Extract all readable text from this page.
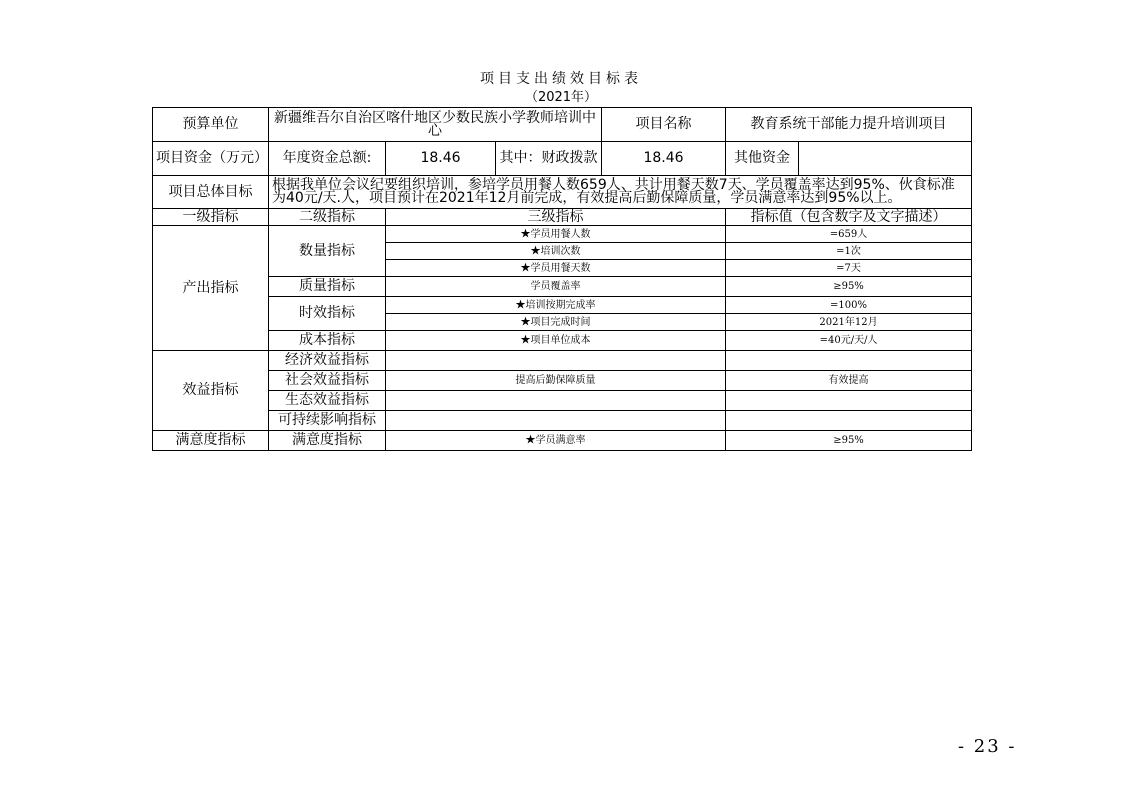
项目支出绩效目标表
（2021年）
预算单位	新疆维吾尔自治区喀什地区少数民族小学教师培训中心			项目名称	教育系统干部能力提升培训项目	
项目资金（万元）	年度资金总额:	18.46	其中：财政拨款	18.46	其他资金	
项目总体目标	根据我单位会议纪要组织培训，参培学员用餐人数659人、共计用餐天数7天、学员覆盖率达到95%、伙食标准为40元/天.人，项目预计在2021年12月前完成，有效提高后勤保障质量，学员满意率达到95%以上。					
一级指标	二级指标	三级指标			指标值（包含数字及文字描述）	
产出指标	数量指标	★学员用餐人数			=659人	
		★培训次数			=1次	
		★学员用餐天数			=7天	
	质量指标	学员覆盖率			≥95%	
	时效指标	★培训按期完成率			=100%	
		★项目完成时间			2021年12月	
	成本指标	★项目单位成本			=40元/天/人	
效益指标	经济效益指标					
	社会效益指标	提高后勤保障质量			有效提高	
	生态效益指标					
	可持续影响指标					
满意度指标	满意度指标	★学员满意率			≥95%	
- 23 -
